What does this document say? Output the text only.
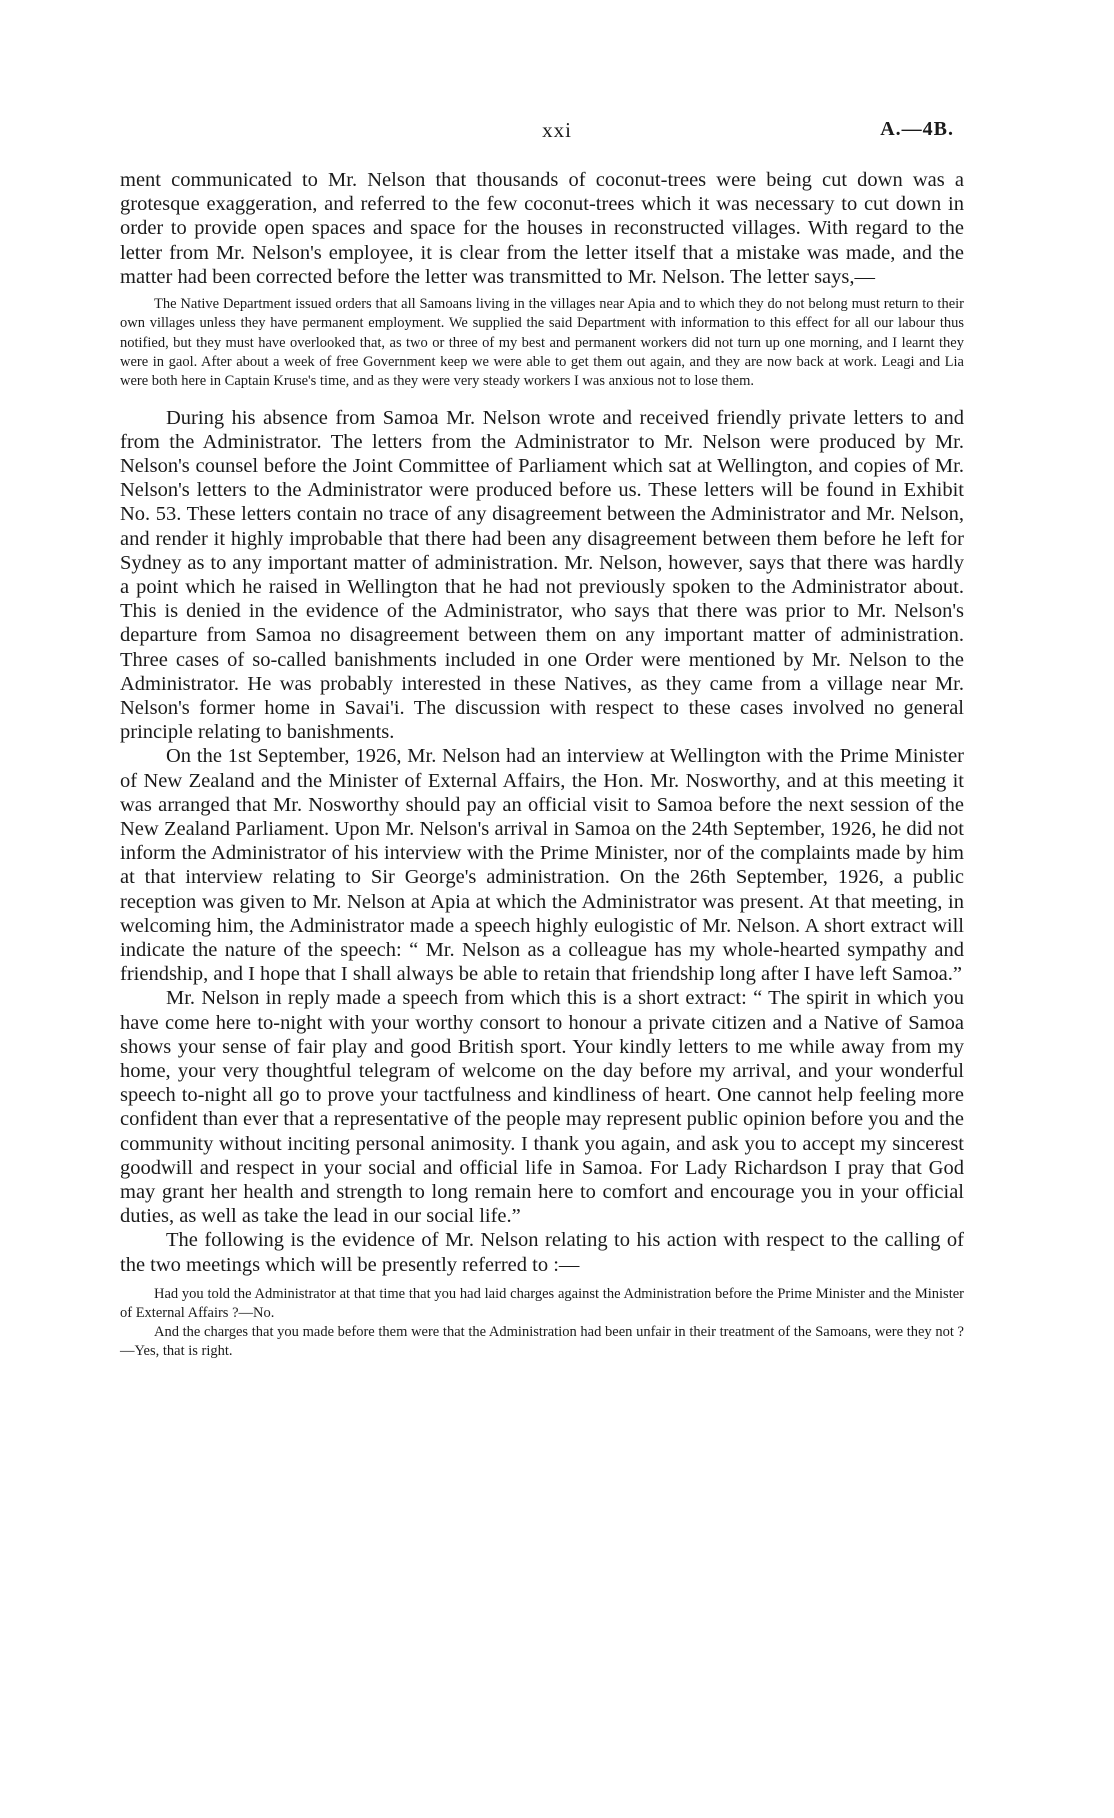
xxi	A.—4B.

ment communicated to Mr. Nelson that thousands of coconut-trees were being cut down was a grotesque exaggeration, and referred to the few coconut-trees which it was necessary to cut down in order to provide open spaces and space for the houses in reconstructed villages. With regard to the letter from Mr. Nelson's employee, it is clear from the letter itself that a mistake was made, and the matter had been corrected before the letter was transmitted to Mr. Nelson. The letter says,—

The Native Department issued orders that all Samoans living in the villages near Apia and to which they do not belong must return to their own villages unless they have permanent employment. We supplied the said Department with information to this effect for all our labour thus notified, but they must have overlooked that, as two or three of my best and permanent workers did not turn up one morning, and I learnt they were in gaol. After about a week of free Government keep we were able to get them out again, and they are now back at work. Leagi and Lia were both here in Captain Kruse's time, and as they were very steady workers I was anxious not to lose them.

During his absence from Samoa Mr. Nelson wrote and received friendly private letters to and from the Administrator. The letters from the Administrator to Mr. Nelson were produced by Mr. Nelson's counsel before the Joint Committee of Parliament which sat at Wellington, and copies of Mr. Nelson's letters to the Administrator were produced before us. These letters will be found in Exhibit No. 53. These letters contain no trace of any disagreement between the Administrator and Mr. Nelson, and render it highly improbable that there had been any disagreement between them before he left for Sydney as to any important matter of administration. Mr. Nelson, however, says that there was hardly a point which he raised in Wellington that he had not previously spoken to the Administrator about. This is denied in the evidence of the Administrator, who says that there was prior to Mr. Nelson's departure from Samoa no disagreement between them on any important matter of administration. Three cases of so-called banishments included in one Order were mentioned by Mr. Nelson to the Administrator. He was probably interested in these Natives, as they came from a village near Mr. Nelson's former home in Savai'i. The discussion with respect to these cases involved no general principle relating to banishments.

On the 1st September, 1926, Mr. Nelson had an interview at Wellington with the Prime Minister of New Zealand and the Minister of External Affairs, the Hon. Mr. Nosworthy, and at this meeting it was arranged that Mr. Nosworthy should pay an official visit to Samoa before the next session of the New Zealand Parliament. Upon Mr. Nelson's arrival in Samoa on the 24th September, 1926, he did not inform the Administrator of his interview with the Prime Minister, nor of the complaints made by him at that interview relating to Sir George's administration. On the 26th September, 1926, a public reception was given to Mr. Nelson at Apia at which the Administrator was present. At that meeting, in welcoming him, the Administrator made a speech highly eulogistic of Mr. Nelson. A short extract will indicate the nature of the speech: “ Mr. Nelson as a colleague has my whole-hearted sympathy and friendship, and I hope that I shall always be able to retain that friendship long after I have left Samoa.”

Mr. Nelson in reply made a speech from which this is a short extract: “ The spirit in which you have come here to-night with your worthy consort to honour a private citizen and a Native of Samoa shows your sense of fair play and good British sport. Your kindly letters to me while away from my home, your very thoughtful telegram of welcome on the day before my arrival, and your wonderful speech to-night all go to prove your tactfulness and kindliness of heart. One cannot help feeling more confident than ever that a representative of the people may represent public opinion before you and the community without inciting personal animosity. I thank you again, and ask you to accept my sincerest goodwill and respect in your social and official life in Samoa. For Lady Richardson I pray that God may grant her health and strength to long remain here to comfort and encourage you in your official duties, as well as take the lead in our social life.”

The following is the evidence of Mr. Nelson relating to his action with respect to the calling of the two meetings which will be presently referred to :—

Had you told the Administrator at that time that you had laid charges against the Administration before the Prime Minister and the Minister of External Affairs ?—No.

And the charges that you made before them were that the Administration had been unfair in their treatment of the Samoans, were they not ?—Yes, that is right.
